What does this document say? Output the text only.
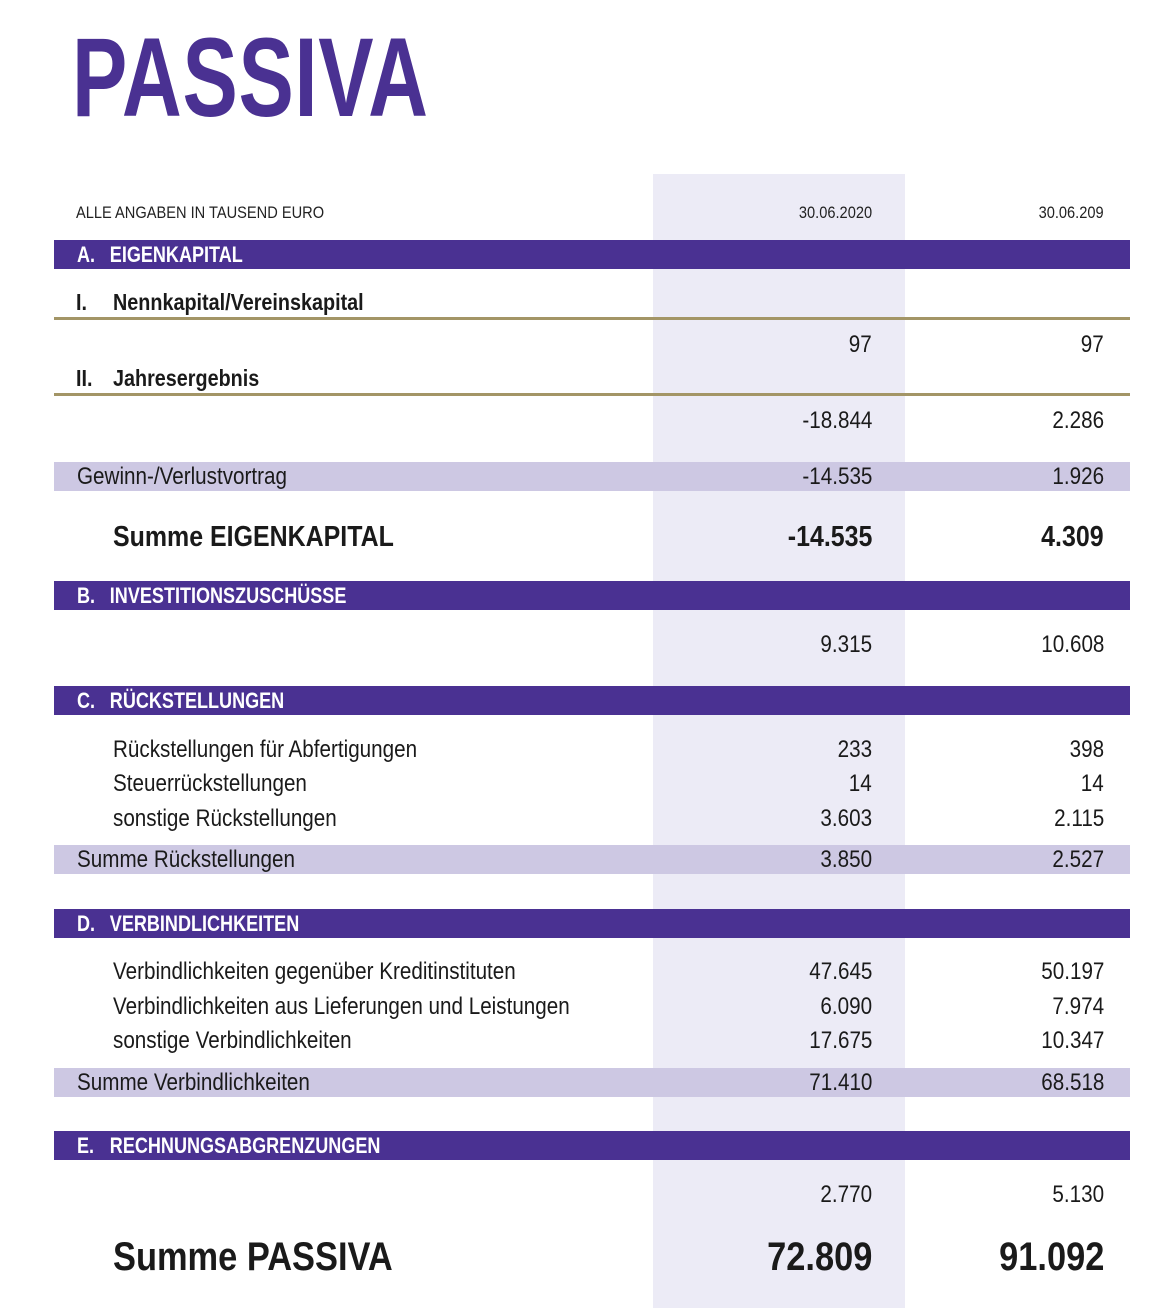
PASSIVA
ALLE ANGABEN IN TAUSEND EURO	30.06.2020	30.06.209
A. EIGENKAPITAL
I. Nennkapital/Vereinskapital
97	97
II. Jahresergebnis
-18.844	2.286
Gewinn-/Verlustvortrag	-14.535	1.926
Summe EIGENKAPITAL	-14.535	4.309
B. INVESTITIONSZUSCHÜSSE
9.315	10.608
C. RÜCKSTELLUNGEN
Rückstellungen für Abfertigungen	233	398
Steuerrückstellungen	14	14
sonstige Rückstellungen	3.603	2.115
Summe Rückstellungen	3.850	2.527
D. VERBINDLICHKEITEN
Verbindlichkeiten gegenüber Kreditinstituten	47.645	50.197
Verbindlichkeiten aus Lieferungen und Leistungen	6.090	7.974
sonstige Verbindlichkeiten	17.675	10.347
Summe Verbindlichkeiten	71.410	68.518
E. RECHNUNGSABGRENZUNGEN
2.770	5.130
Summe PASSIVA	72.809	91.092
